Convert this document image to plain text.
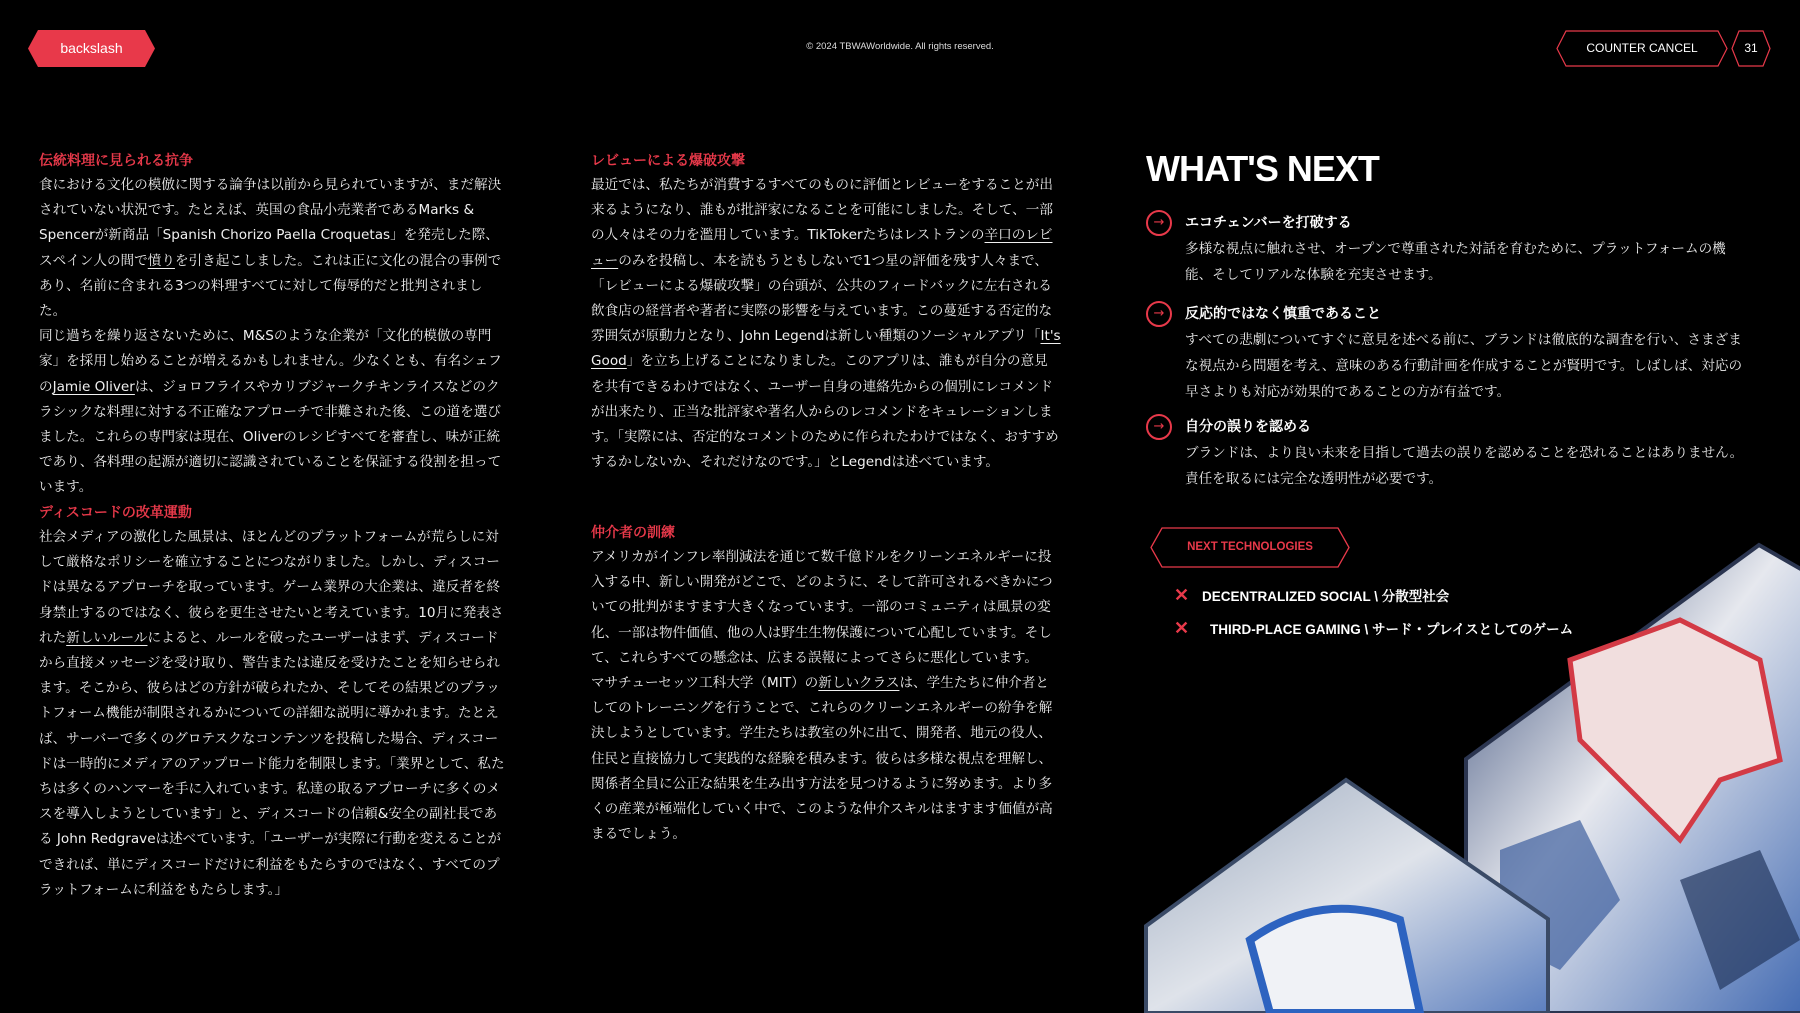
backslash	© 2024 TBWAWorldwide. All rights reserved.	COUNTER CANCEL	31
伝統料理に見られる抗争

食における文化の模倣に関する論争は以前から見られていますが、まだ解決されていない状況です。たとえば、英国の食品小売業者であるMarks & Spencerが新商品「Spanish Chorizo Paella Croquetas」を発売した際、スペイン人の間で憤りを引き起こしました。これは正に文化の混合の事例であり、名前に含まれる3つの料理すべてに対して侮辱的だと批判されました。

同じ過ちを繰り返さないために、M&Sのような企業が「文化的模倣の専門家」を採用し始めることが増えるかもしれません。少なくとも、有名シェフのJamie Oliverは、ジョロフライスやカリブジャークチキンライスなどのクラシックな料理に対する不正確なアプローチで非難された後、この道を選びました。これらの専門家は現在、Oliverのレシピすべてを審査し、味が正統であり、各料理の起源が適切に認識されていることを保証する役割を担っています。

ディスコードの改革運動

社会メディアの激化した風景は、ほとんどのプラットフォームが荒らしに対して厳格なポリシーを確立することにつながりました。しかし、ディスコードは異なるアプローチを取っています。ゲーム業界の大企業は、違反者を終身禁止するのではなく、彼らを更生させたいと考えています。10月に発表された新しいルールによると、ルールを破ったユーザーはまず、ディスコードから直接メッセージを受け取り、警告または違反を受けたことを知らせられます。そこから、彼らはどの方針が破られたか、そしてその結果どのプラットフォーム機能が制限されるかについての詳細な説明に導かれます。たとえば、サーバーで多くのグロテスクなコンテンツを投稿した場合、ディスコードは一時的にメディアのアップロード能力を制限します。「業界として、私たちは多くのハンマーを手に入れています。私達の取るアプローチに多くのメスを導入しようとしています」と、ディスコードの信頼&安全の副社長である John Redgraveは述べています。「ユーザーが実際に行動を変えることができれば、単にディスコードだけに利益をもたらすのではなく、すべてのプラットフォームに利益をもたらします。」

レビューによる爆破攻撃

最近では、私たちが消費するすべてのものに評価とレビューをすることが出来るようになり、誰もが批評家になることを可能にしました。そして、一部の人々はその力を濫用しています。TikTokerたちはレストランの辛口のレビューのみを投稿し、本を読もうともしないで1つ星の評価を残す人々まで、「レビューによる爆破攻撃」の台頭が、公共のフィードバックに左右される飲食店の経営者や著者に実際の影響を与えています。この蔓延する否定的な雰囲気が原動力となり、John Legendは新しい種類のソーシャルアプリ「It's Good」を立ち上げることになりました。このアプリは、誰もが自分の意見を共有できるわけではなく、ユーザー自身の連絡先からの個別にレコメンドが出来たり、正当な批評家や著名人からのレコメンドをキュレーションします。「実際には、否定的なコメントのために作られたわけではなく、おすすめするかしないか、それだけなのです。」とLegendは述べています。

仲介者の訓練

アメリカがインフレ率削減法を通じて数千億ドルをクリーンエネルギーに投入する中、新しい開発がどこで、どのように、そして許可されるべきかについての批判がますます大きくなっています。一部のコミュニティは風景の変化、一部は物件価値、他の人は野生生物保護について心配しています。そして、これらすべての懸念は、広まる誤報によってさらに悪化しています。

マサチューセッツ工科大学（MIT）の新しいクラスは、学生たちに仲介者としてのトレーニングを行うことで、これらのクリーンエネルギーの紛争を解決しようとしています。学生たちは教室の外に出て、開発者、地元の役人、住民と直接協力して実践的な経験を積みます。彼らは多様な視点を理解し、関係者全員に公正な結果を生み出す方法を見つけるように努めます。より多くの産業が極端化していく中で、このような仲介スキルはますます価値が高まるでしょう。

WHAT'S NEXT
→	エコチェンバーを打破する
多様な視点に触れさせ、オープンで尊重された対話を育むために、プラットフォームの機能、そしてリアルな体験を充実させます。
→	反応的ではなく慎重であること
すべての悲劇についてすぐに意見を述べる前に、ブランドは徹底的な調査を行い、さまざまな視点から問題を考え、意味のある行動計画を作成することが賢明です。しばしば、対応の早さよりも対応が効果的であることの方が有益です。
→	自分の誤りを認める
ブランドは、より良い未来を目指して過去の誤りを認めることを恐れることはありません。責任を取るには完全な透明性が必要です。
NEXT TECHNOLOGIES
✕ DECENTRALIZED SOCIAL \ 分散型社会
✕ THIRD-PLACE GAMING \ サード・プレイスとしてのゲーム
